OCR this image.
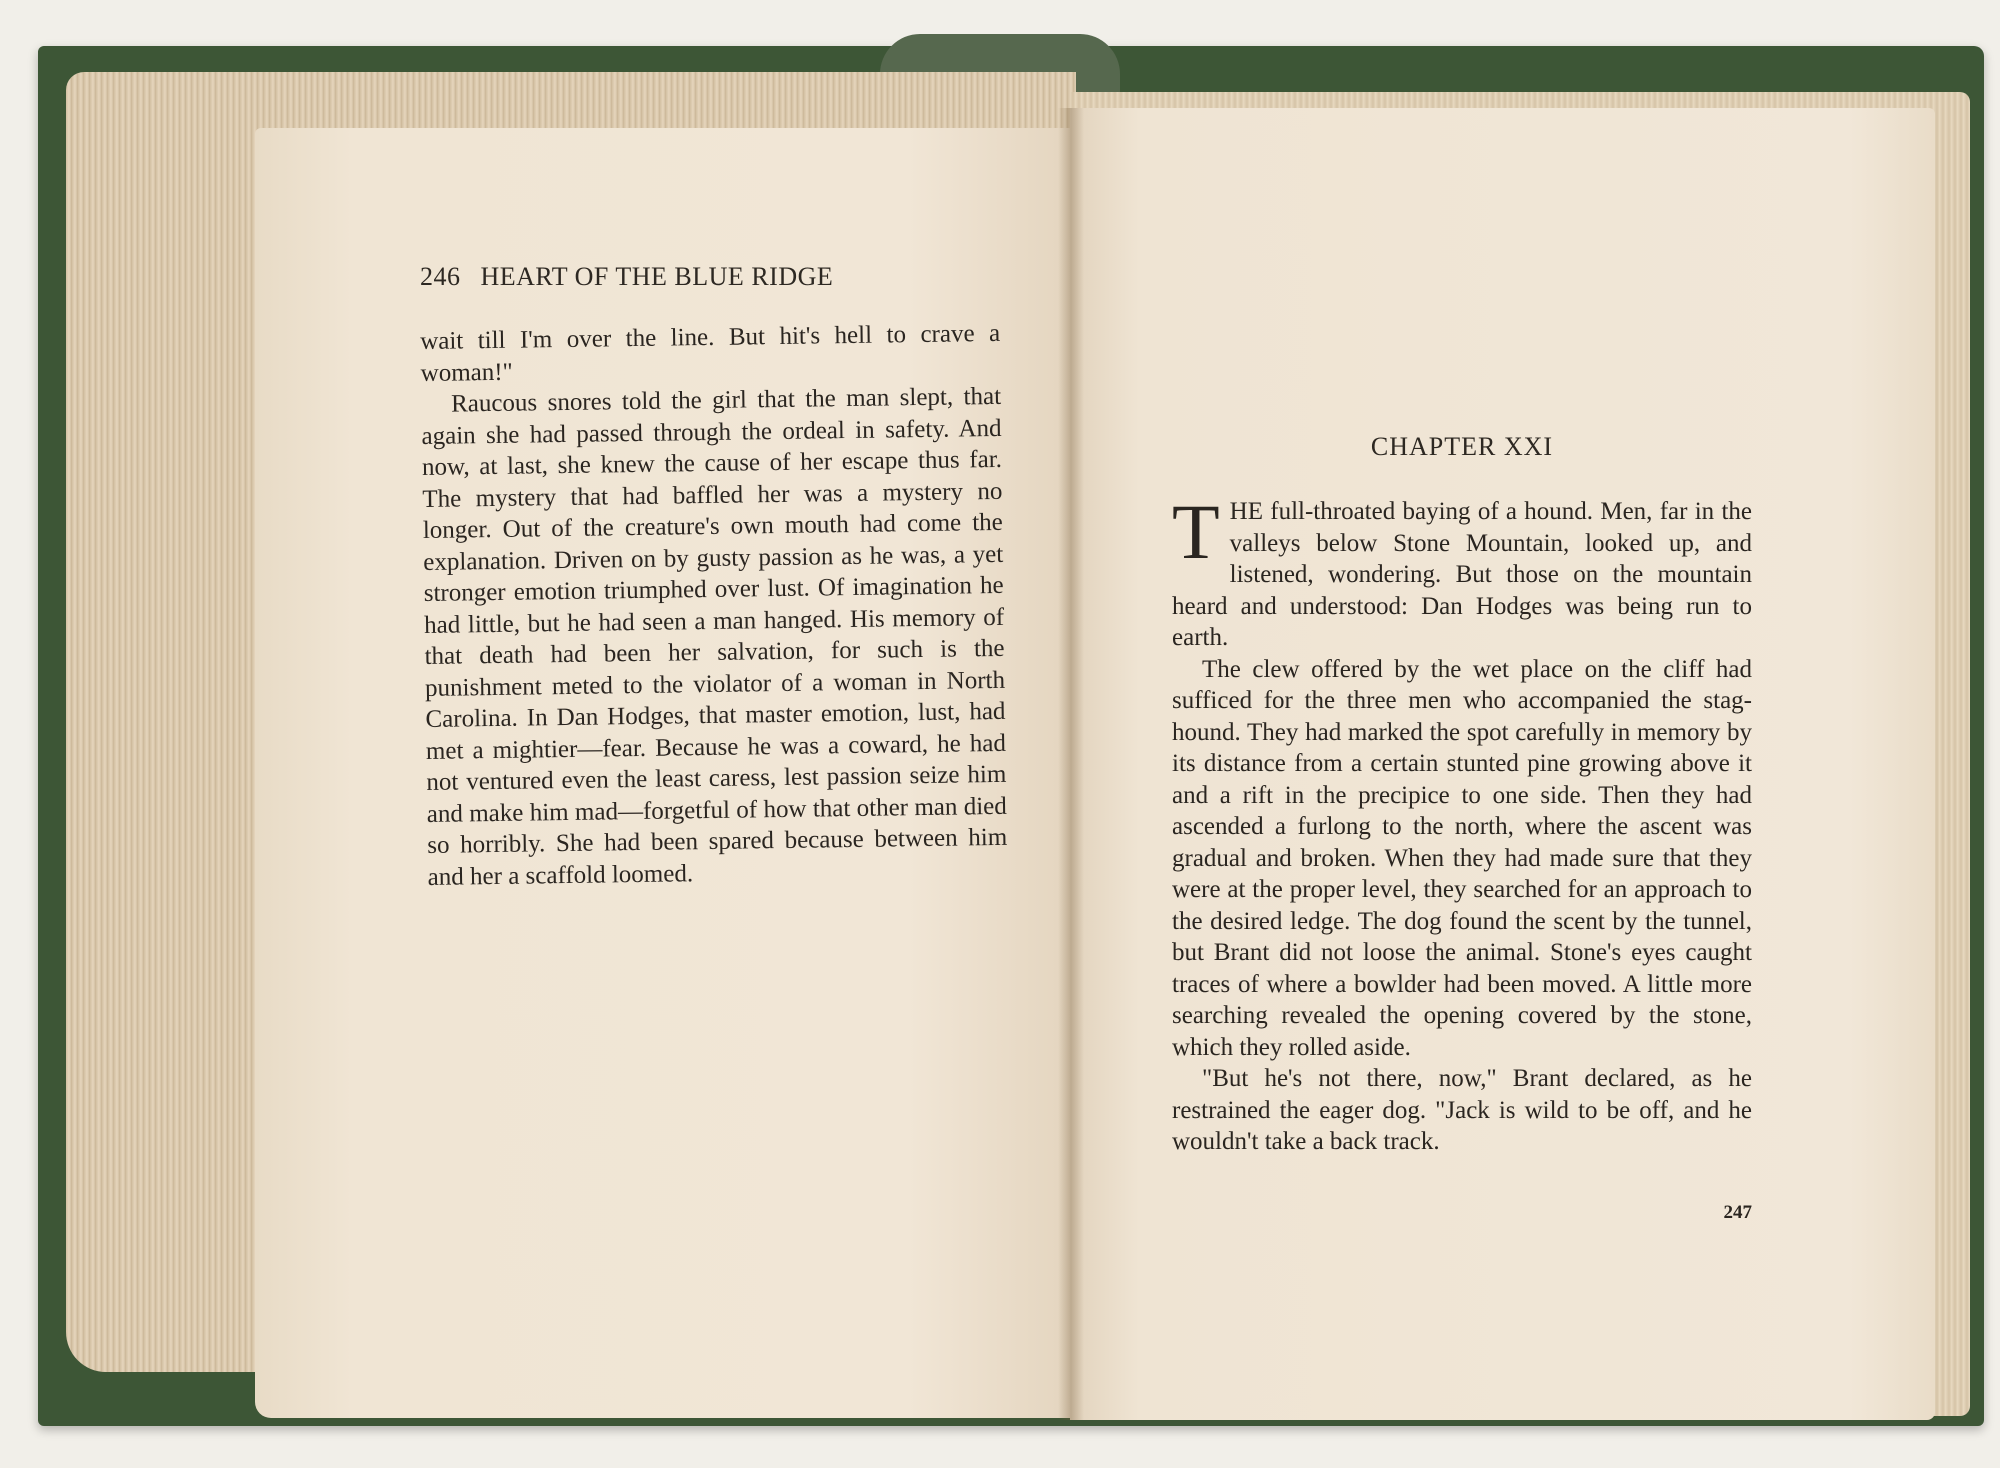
246 HEART OF THE BLUE RIDGE

wait till I'm over the line. But hit's hell to crave a woman!"

Raucous snores told the girl that the man slept, that again she had passed through the ordeal in safety. And now, at last, she knew the cause of her escape thus far. The mystery that had baffled her was a mystery no longer. Out of the creature's own mouth had come the explanation. Driven on by gusty passion as he was, a yet stronger emotion triumphed over lust. Of imagination he had little, but he had seen a man hanged. His memory of that death had been her salvation, for such is the punishment meted to the violator of a woman in North Carolina. In Dan Hodges, that master emotion, lust, had met a mightier—fear. Because he was a coward, he had not ventured even the least caress, lest passion seize him and make him mad—forgetful of how that other man died so horribly. She had been spared because between him and her a scaffold loomed.

CHAPTER XXI

THE full-throated baying of a hound. Men, far in the valleys below Stone Mountain, looked up, and listened, wondering. But those on the mountain heard and understood: Dan Hodges was being run to earth.

The clew offered by the wet place on the cliff had sufficed for the three men who accompanied the stag-hound. They had marked the spot carefully in memory by its distance from a certain stunted pine growing above it and a rift in the precipice to one side. Then they had ascended a furlong to the north, where the ascent was gradual and broken. When they had made sure that they were at the proper level, they searched for an approach to the desired ledge. The dog found the scent by the tunnel, but Brant did not loose the animal. Stone's eyes caught traces of where a bowlder had been moved. A little more searching revealed the opening covered by the stone, which they rolled aside.

"But he's not there, now," Brant declared, as he restrained the eager dog. "Jack is wild to be off, and he wouldn't take a back track.

247
